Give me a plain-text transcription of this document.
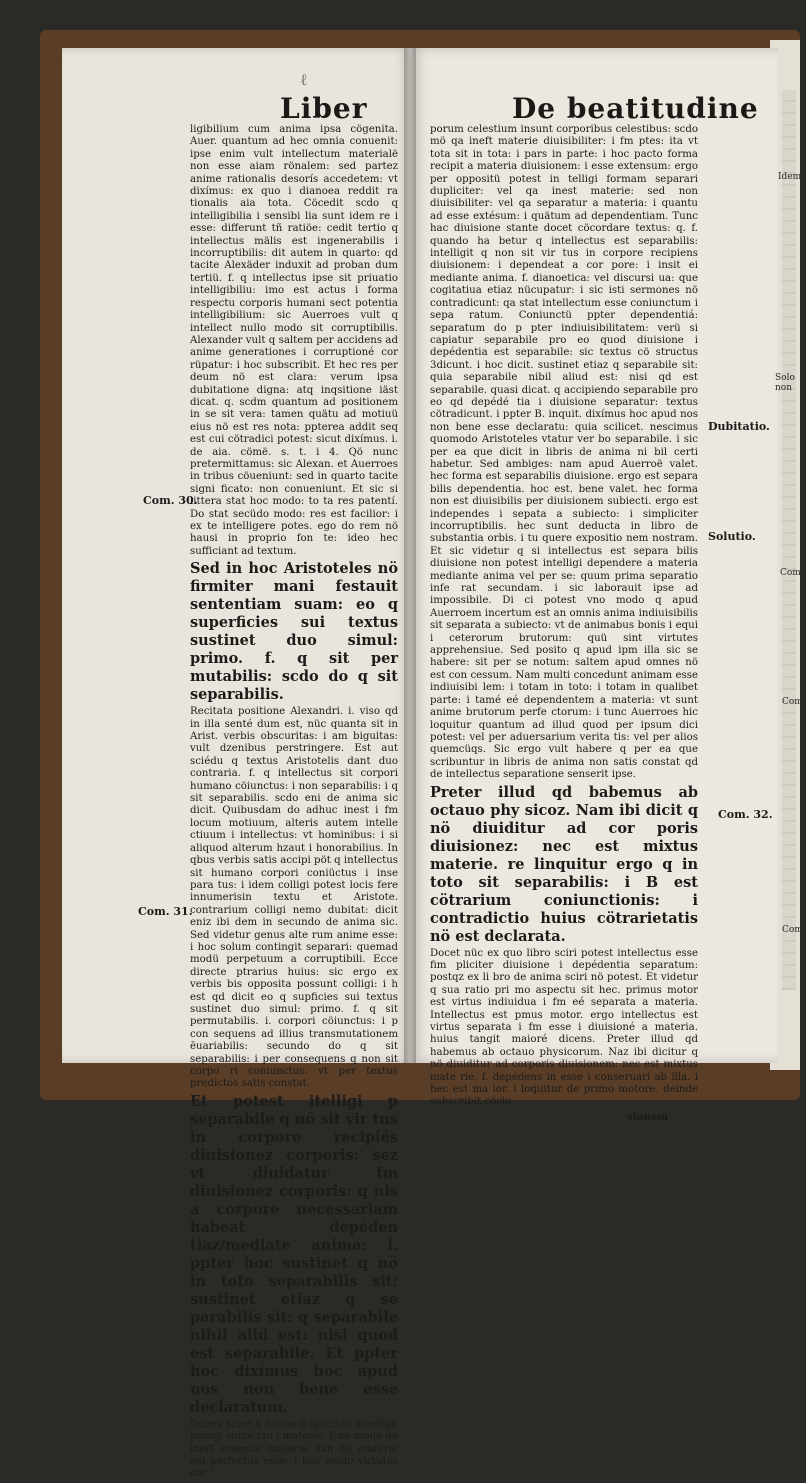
ℓ
Liber	De beatitudine

ligibilium cum anima ipsa cögenita. Auer. quantum ad hec omnia conuenit: ipse enim vult intellectum materialë non esse aiam rönalem: sed partez anime rationalis desorís accedetem: vt dixímus: ex quo i dianoea reddit ra tionalis aia tota. Cöcedit scdo q intelligibilia i sensibi lia sunt idem re i esse: differunt tñ ratiöe: cedit tertio q intellectus mälis est ingenerabilis i incorruptibilis: dit autem in quarto: qd tacite Alexäder induxit ad proban dum tertiü. f. q intellectus ipse sit priuatio intelligibiliu: imo est actus i forma respectu corporis humani sect potentia intelligibilium: sic Auerroes vult q intellect nullo modo sit corruptibilis. Alexander vult q saltem per accidens ad anime generationes i corruptioné cor rüpatur: i hoc subscribit. Et hec res per deum nö est clara: verum ipsa dubitatione digna: atq inqsitione iäst dicat. q. scdm quantum ad positionem in se sit vera: tamen quätu ad motiuü eius nö est res nota: ppterea addit seq est cui cötradici potest: sicut dixímus. i. de aia. cömë. s. t. i 4. Qö nunc pretermittamus: sic Alexan. et Auerroes in tribus cöueniunt: sed in quarto tacite signi ficato: non conueniunt. Et sic si littera stat hoc modo: to ta res patentí. Do stat secüdo modo: res est facilior: i ex te intelligere potes. ego do rem nö hausi in proprio fon te: ideo hec sufficiant ad textum.

Sed in hoc Aristoteles nö firmiter mani festauit sententiam suam: eo q superficies sui textus sustinet duo simul: primo. f. q sit per mutabilis: scdo do q sit separabilis.

Recitata positione Alexandri. i. viso qd in illa senté dum est, nüc quanta sit in Arist. verbis obscuritas: i am biguitas: vult dzenibus perstringere. Est aut sciédu q textus Aristotelis dant duo contraria. f. q intellectus sit corpori humano cöiunctus: i non separabilis: i q sit separabilis. scdo eni de anima sic dicit. Quibusdam do adhuc inest i fm locum motiuum, alteris autem intelle ctiuum i intellectus: vt hominibus: i si aliquod alterum hzaut i honorabilius. In qbus verbis satis accipi pöt q intellectus sit humano corpori coniüctus i inse para tus: i idem colligi potest locis fere innumerisin textu et Aristote. contrarium colligi nemo dubitat: dicit eniz ibi dem in secundo de anima sic. Sed videtur genus alte rum anime esse: i hoc solum contingit separari: quemad modü perpetuum a corruptibili. Ecce directe ptrarius huius: sic ergo ex verbis bis opposita possunt colligi: i h est qd dicit eo q supficies sui textus sustinet duo simul: primo. f. q sit permutabilis. i. corpori cöiunctus: i p con sequens ad illius transmutationem ēuariabilis: secundo do q sit separabilis: i per consequens q non sit corpo ri coniunctus: vt per textus predictos satis constat.

Et potest itelligi p separabile q nö sit vir tus in corpore recipiés diuisionez corporis: sez vt diuidatur fm diuisionez corporis: q nis a corpore necessariam habeat depéden tiaz/mediate anima: i. ppter hoc sustinet q nö in toto separabilis sit: sustinet etiaz q se parabilis sit: q separabile nihil alid est: nisi quod est separabile. Et ppter hoc dixímus hoc apud nos non bene esse declaratum.

Debes scire q forma dupliciter intelligit piungi subie cto i materie. Uno modo qa ineft essentie materie dan do materie eéi perfectus esse: i hoc modo virtutes cor

porum celestium insunt corporibus celestibus: scdo mö qa ineft materie diuisibiliter: i fm ptes: ita vt tota sit in tota: i pars in parte: i hoc pacto forma recipit a materia diuisionem: i esse extensum: ergo per oppositü potest in telligi formam separari dupliciter: vel qa inest materie: sed non diuisibiliter: vel qa separatur a materia: i quantu ad esse extésum: i quätum ad dependentiam. Tunc hac diuisione stante docet cöcordare textus: q. f. quando ha betur q intellectus est separabilis: intelligit q non sit vir tus in corpore recipiens diuisionem: i dependeat a cor pore: i insit ei mediante anima. f. dianoetica: vel discursi ua: que cogitatiua etiaz nücupatur: i sic isti sermones nö contradicunt: qa stat intellectum esse coniunctum i sepa ratum. Coniunctü ppter dependentiá: separatum do p pter indiuisibilitatem: verü si capiatur separabile pro eo quod diuisione i depédentia est separabile: sic textus cö structus 3dicunt. i hoc dicit. sustinet etiaz q separabile sit: quia separabile nibil aliud est: nisi qd est separabile. quasi dicat. q accipiendo separabile pro eo qd depédé tia i diuisione separatur: textus cötradicunt. i ppter B. inquit. dixímus hoc apud nos non bene esse declaratu: quia scilicet. nescimus quomodo Aristoteles vtatur ver bo separabile. i sic per ea que dicit in libris de anima ni bil certi habetur. Sed ambiges: nam apud Auerroë valet. hec forma est separabilis diuisione. ergo est separa bilis dependentia. hoc est. bene valet. hec forma non est diuisibilis per diuisionem subiecti. ergo est independes i sepata a subiecto: i simpliciter incorruptibilis. hec sunt deducta in libro de substantia orbis. i tu quere expositio nem nostram. Et sic videtur q si intellectus est separa bilis diuisione non potest intelligi dependere a materia mediante anima vel per se: quum prima separatio infe rat secundam. i sic laborauit ipse ad impossibile. Di ci potest vno modo q apud Auerroem incertum est an omnis anima indiuisibilis sit separata a subiecto: vt de animabus bonis i equi i ceterorum brutorum: quü sint virtutes apprehensiue. Sed posito q apud ipm illa sic se habere: sit per se notum: saltem apud omnes nö est con cessum. Nam multi concedunt animam esse indiuisibi lem: i totam in toto: i totam in qualibet parte: i tamé eé dependentem a materia: vt sunt anime brutorum perfe ctorum: i tunc Auerroes hic loquitur quantum ad illud quod per ipsum dici potest: vel per aduersarium verita tis: vel per alios quemcüqs. Sic ergo vult habere q per ea que scribuntur in libris de anima non satis constat qd de intellectus separatione senserit ipse.

Preter illud qd babemus ab octauo phy sicoz. Nam ibi dicit q nö diuiditur ad cor poris diuisionez: nec est mixtus materie. re linquitur ergo q in toto sit separabilis: i B est cötrarium coniunctionis: i contradictio huius cötrarietatis nö est declarata.

Docet nüc ex quo libro sciri potest intellectus esse fim pliciter diuisione i depédentia separatum: postqz ex li bro de anima sciri nö potest. Et videtur q sua ratio pri mo aspectu sit hec. primus motor est virtus indiuidua i fm eé separata a materia. Intellectus est pmus motor. ergo intellectus est virtus separata i fm esse i diuisioné a materia. huius tangit maioré dicens. Preter illud qd habemus ab octauo physicorum. Naz ibi dicitur q nö diuiditur ad corporis diuisionem: nec est mixtus mate rie. f. depédens in esse i conseruari ab illa. i hec est ma ior. i loquitur de primo motore. deinde subscribit cöclu

sionem

Com. 30.
Com. 31.
Dubitatio.
Solutio.
Com. 32.
Idem
Solo non
Com.
Com.
Com.
